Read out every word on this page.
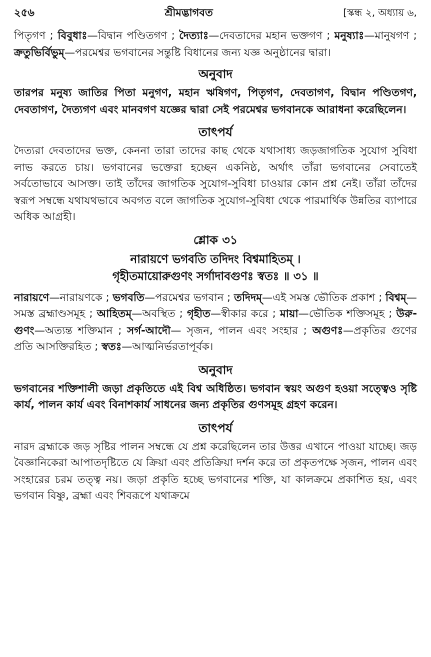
২৫৬	শ্রীমদ্ভাগবত	[স্কন্ধ ২, অধ্যায় ৬,

পিতৃগণ ; বিবুধাঃ—বিদ্বান পণ্ডিতগণ ; দৈত্যাঃ—দেবতাদের মহান ভক্তগণ ; মনুষ্যাঃ—মানুষগণ ; ক্রতুভির্বিভুম্—পরমেশ্বর ভগবানের সন্তুষ্টি বিধানের জন্য যজ্ঞ অনুষ্ঠানের দ্বারা।

অনুবাদ

তারপর মনুষ্য জাতির পিতা মনুগণ, মহান ঋষিগণ, পিতৃগণ, দেবতাগণ, বিদ্বান পণ্ডিতগণ, দেবতাগণ, দৈত্যগণ এবং মানবগণ যজ্ঞের দ্বারা সেই পরমেশ্বর ভগবানকে আরাধনা করেছিলেন।

তাৎপর্য

দৈত্যরা দেবতাদের ভক্ত, কেননা তারা তাদের কাছ থেকে যথাসাধ্য জড়জাগতিক সুযোগ সুবিধা লাভ করতে চায়। ভগবানের ভক্তেরা হচ্ছেন একনিষ্ঠ, অর্থাৎ তাঁরা ভগবানের সেবাতেই সর্বতোভাবে আসক্ত। তাই তাঁদের জাগতিক সুযোগ-সুবিধা চাওয়ার কোন প্রশ্ন নেই। তাঁরা তাঁদের স্বরূপ সম্বন্ধে যথাযথভাবে অবগত বলে জাগতিক সুযোগ-সুবিধা থেকে পারমার্থিক উন্নতির ব্যাপারে অধিক আগ্রহী।

শ্লোক ৩১
নারায়ণে ভগবতি তদিদং বিশ্বমাহিতম্ ।
গৃহীতমায়োরুগুণং সর্গাদাবগুণঃ স্বতঃ ॥ ৩১ ॥

নারায়ণে—নারায়ণকে ; ভগবতি—পরমেশ্বর ভগবান ; তদিদম্—এই সমস্ত ভৌতিক প্রকাশ ; বিশ্বম্—সমস্ত ব্রহ্মাণ্ডসমূহ ; আহিতম্—অবস্থিত ; গৃহীত—স্বীকার করে ; মায়া—ভৌতিক শক্তিসমূহ ; উরু-গুণং—অত্যন্ত শক্তিমান ; সর্গ-আদৌ— সৃজন, পালন এবং সংহার ; অগুণঃ—প্রকৃতির গুণের প্রতি আসক্তিরহিত ; স্বতঃ—আত্মনির্ভরতাপূর্বক।

অনুবাদ

ভগবানের শক্তিশালী জড়া প্রকৃতিতে এই বিশ্ব অধিষ্ঠিত। ভগবান স্বয়ং অগুণ হওয়া সত্ত্বেও সৃষ্টি কার্য, পালন কার্য এবং বিনাশকার্য সাধনের জন্য প্রকৃতির গুণসমূহ গ্রহণ করেন।

তাৎপর্য

নারদ ব্রহ্মাকে জড় সৃষ্টির পালন সম্বন্ধে যে প্রশ্ন করেছিলেন তার উত্তর এখানে পাওয়া যাচ্ছে। জড় বৈজ্ঞানিকেরা আপাতদৃষ্টিতে যে ক্রিয়া এবং প্রতিক্রিয়া দর্শন করে তা প্রকৃতপক্ষে সৃজন, পালন এবং সংহারের চরম তত্ত্ব নয়। জড়া প্রকৃতি হচ্ছে ভগবানের শক্তি, যা কালক্রমে প্রকাশিত হয়, এবং ভগবান বিষ্ণু, ব্রহ্মা এবং শিবরূপে যথাক্রমে
